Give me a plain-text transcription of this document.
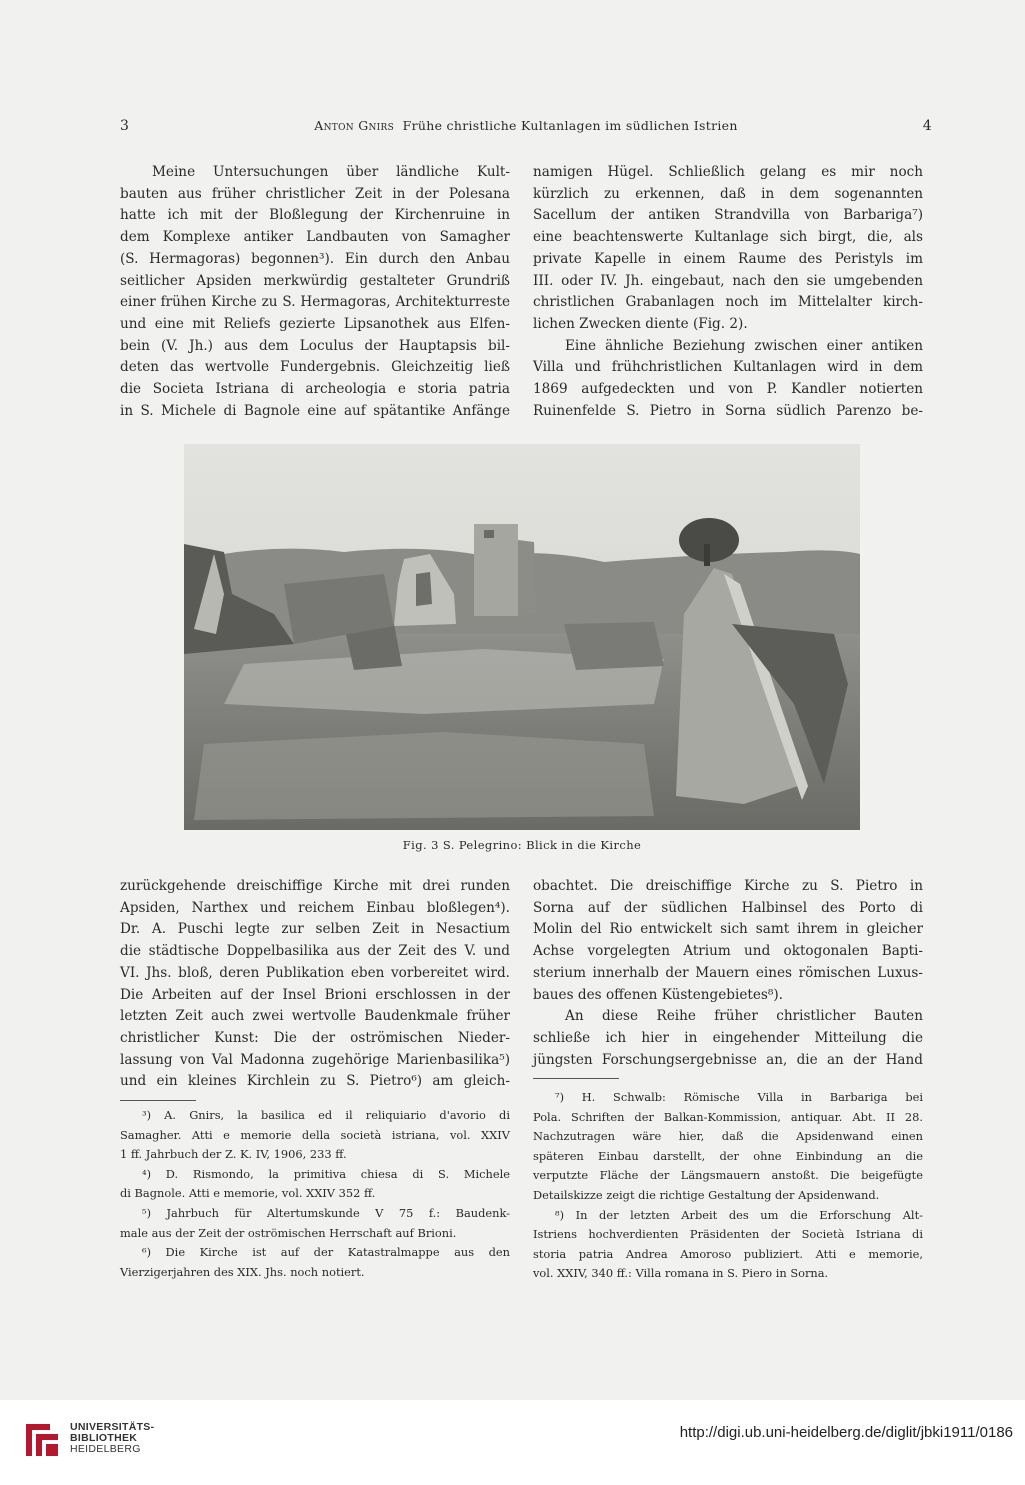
3	Anton Gnirs Frühe christliche Kultanlagen im südlichen Istrien	4
Meine Untersuchungen über ländliche Kult-
bauten aus früher christlicher Zeit in der Polesana
hatte ich mit der Bloßlegung der Kirchenruine in
dem Komplexe antiker Landbauten von Samagher
(S. Hermagoras) begonnen³). Ein durch den Anbau
seitlicher Apsiden merkwürdig gestalteter Grundriß
einer frühen Kirche zu S. Hermagoras, Architekturreste
und eine mit Reliefs gezierte Lipsanothek aus Elfen-
bein (V. Jh.) aus dem Loculus der Hauptapsis bil-
deten das wertvolle Fundergebnis. Gleichzeitig ließ
die Societa Istriana di archeologia e storia patria
in S. Michele di Bagnole eine auf spätantike Anfänge
namigen Hügel. Schließlich gelang es mir noch
kürzlich zu erkennen, daß in dem sogenannten
Sacellum der antiken Strandvilla von Barbariga⁷)
eine beachtenswerte Kultanlage sich birgt, die, als
private Kapelle in einem Raume des Peristyls im
III. oder IV. Jh. eingebaut, nach den sie umgebenden
christlichen Grabanlagen noch im Mittelalter kirch-
lichen Zwecken diente (Fig. 2).
Eine ähnliche Beziehung zwischen einer antiken
Villa und frühchristlichen Kultanlagen wird in dem
1869 aufgedeckten und von P. Kandler notierten
Ruinenfelde S. Pietro in Sorna südlich Parenzo be-
Fig. 3 S. Pelegrino: Blick in die Kirche
zurückgehende dreischiffige Kirche mit drei runden
Apsiden, Narthex und reichem Einbau bloßlegen⁴).
Dr. A. Puschi legte zur selben Zeit in Nesactium
die städtische Doppelbasilika aus der Zeit des V. und
VI. Jhs. bloß, deren Publikation eben vorbereitet wird.
Die Arbeiten auf der Insel Brioni erschlossen in der
letzten Zeit auch zwei wertvolle Baudenkmale früher
christlicher Kunst: Die der oströmischen Nieder-
lassung von Val Madonna zugehörige Marienbasilika⁵)
und ein kleines Kirchlein zu S. Pietro⁶) am gleich-
obachtet. Die dreischiffige Kirche zu S. Pietro in
Sorna auf der südlichen Halbinsel des Porto di
Molin del Rio entwickelt sich samt ihrem in gleicher
Achse vorgelegten Atrium und oktogonalen Bapti-
sterium innerhalb der Mauern eines römischen Luxus-
baues des offenen Küstengebietes⁸).
An diese Reihe früher christlicher Bauten
schließe ich hier in eingehender Mitteilung die
jüngsten Forschungsergebnisse an, die an der Hand
³) A. Gnirs, la basilica ed il reliquiario d'avorio di
Samagher. Atti e memorie della società istriana, vol. XXIV
1 ff. Jahrbuch der Z. K. IV, 1906, 233 ff.
⁴) D. Rismondo, la primitiva chiesa di S. Michele
di Bagnole. Atti e memorie, vol. XXIV 352 ff.
⁵) Jahrbuch für Altertumskunde V 75 f.: Baudenk-
male aus der Zeit der oströmischen Herrschaft auf Brioni.
⁶) Die Kirche ist auf der Katastralmappe aus den
Vierzigerjahren des XIX. Jhs. noch notiert.
⁷) H. Schwalb: Römische Villa in Barbariga bei
Pola. Schriften der Balkan-Kommission, antiquar. Abt. II 28.
Nachzutragen wäre hier, daß die Apsidenwand einen
späteren Einbau darstellt, der ohne Einbindung an die
verputzte Fläche der Längsmauern anstoßt. Die beigefügte
Detailskizze zeigt die richtige Gestaltung der Apsidenwand.
⁸) In der letzten Arbeit des um die Erforschung Alt-
Istriens hochverdienten Präsidenten der Società Istriana di
storia patria Andrea Amoroso publiziert. Atti e memorie,
vol. XXIV, 340 ff.: Villa romana in S. Piero in Sorna.
UNIVERSITÄTS-
BIBLIOTHEK
HEIDELBERG
http://digi.ub.uni-heidelberg.de/diglit/jbki1911/0186
